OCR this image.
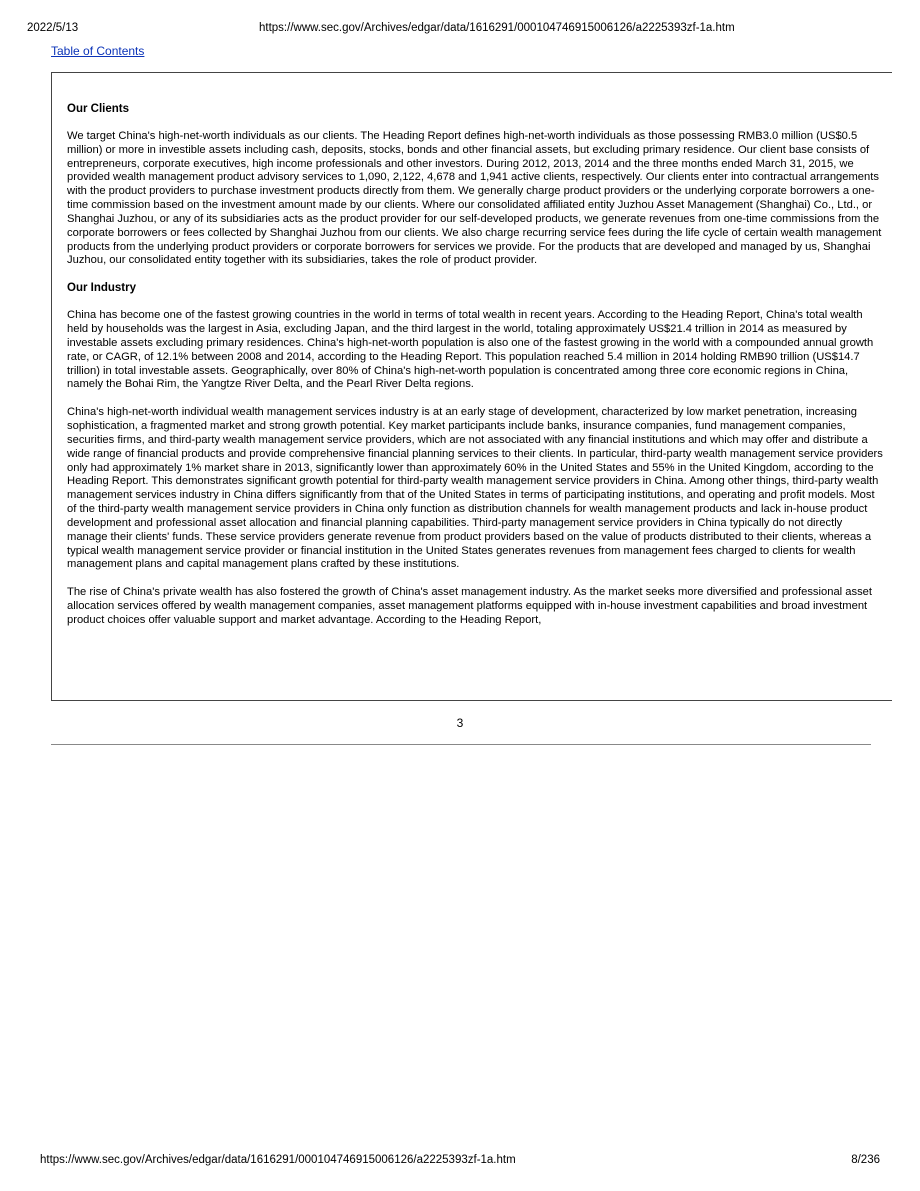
2022/5/13	https://www.sec.gov/Archives/edgar/data/1616291/000104746915006126/a2225393zf-1a.htm
Table of Contents
Our Clients

We target China's high-net-worth individuals as our clients. The Heading Report defines high-net-worth individuals as those possessing RMB3.0 million (US$0.5 million) or more in investible assets including cash, deposits, stocks, bonds and other financial assets, but excluding primary residence. Our client base consists of entrepreneurs, corporate executives, high income professionals and other investors. During 2012, 2013, 2014 and the three months ended March 31, 2015, we provided wealth management product advisory services to 1,090, 2,122, 4,678 and 1,941 active clients, respectively. Our clients enter into contractual arrangements with the product providers to purchase investment products directly from them. We generally charge product providers or the underlying corporate borrowers a one-time commission based on the investment amount made by our clients. Where our consolidated affiliated entity Juzhou Asset Management (Shanghai) Co., Ltd., or Shanghai Juzhou, or any of its subsidiaries acts as the product provider for our self-developed products, we generate revenues from one-time commissions from the corporate borrowers or fees collected by Shanghai Juzhou from our clients. We also charge recurring service fees during the life cycle of certain wealth management products from the underlying product providers or corporate borrowers for services we provide. For the products that are developed and managed by us, Shanghai Juzhou, our consolidated entity together with its subsidiaries, takes the role of product provider.

Our Industry

China has become one of the fastest growing countries in the world in terms of total wealth in recent years. According to the Heading Report, China's total wealth held by households was the largest in Asia, excluding Japan, and the third largest in the world, totaling approximately US$21.4 trillion in 2014 as measured by investable assets excluding primary residences. China's high-net-worth population is also one of the fastest growing in the world with a compounded annual growth rate, or CAGR, of 12.1% between 2008 and 2014, according to the Heading Report. This population reached 5.4 million in 2014 holding RMB90 trillion (US$14.7 trillion) in total investable assets. Geographically, over 80% of China's high-net-worth population is concentrated among three core economic regions in China, namely the Bohai Rim, the Yangtze River Delta, and the Pearl River Delta regions.

China's high-net-worth individual wealth management services industry is at an early stage of development, characterized by low market penetration, increasing sophistication, a fragmented market and strong growth potential. Key market participants include banks, insurance companies, fund management companies, securities firms, and third-party wealth management service providers, which are not associated with any financial institutions and which may offer and distribute a wide range of financial products and provide comprehensive financial planning services to their clients. In particular, third-party wealth management service providers only had approximately 1% market share in 2013, significantly lower than approximately 60% in the United States and 55% in the United Kingdom, according to the Heading Report. This demonstrates significant growth potential for third-party wealth management service providers in China. Among other things, third-party wealth management services industry in China differs significantly from that of the United States in terms of participating institutions, and operating and profit models. Most of the third-party wealth management service providers in China only function as distribution channels for wealth management products and lack in-house product development and professional asset allocation and financial planning capabilities. Third-party management service providers in China typically do not directly manage their clients' funds. These service providers generate revenue from product providers based on the value of products distributed to their clients, whereas a typical wealth management service provider or financial institution in the United States generates revenues from management fees charged to clients for wealth management plans and capital management plans crafted by these institutions.

The rise of China's private wealth has also fostered the growth of China's asset management industry. As the market seeks more diversified and professional asset allocation services offered by wealth management companies, asset management platforms equipped with in-house investment capabilities and broad investment product choices offer valuable support and market advantage. According to the Heading Report,

3
https://www.sec.gov/Archives/edgar/data/1616291/000104746915006126/a2225393zf-1a.htm	8/236
